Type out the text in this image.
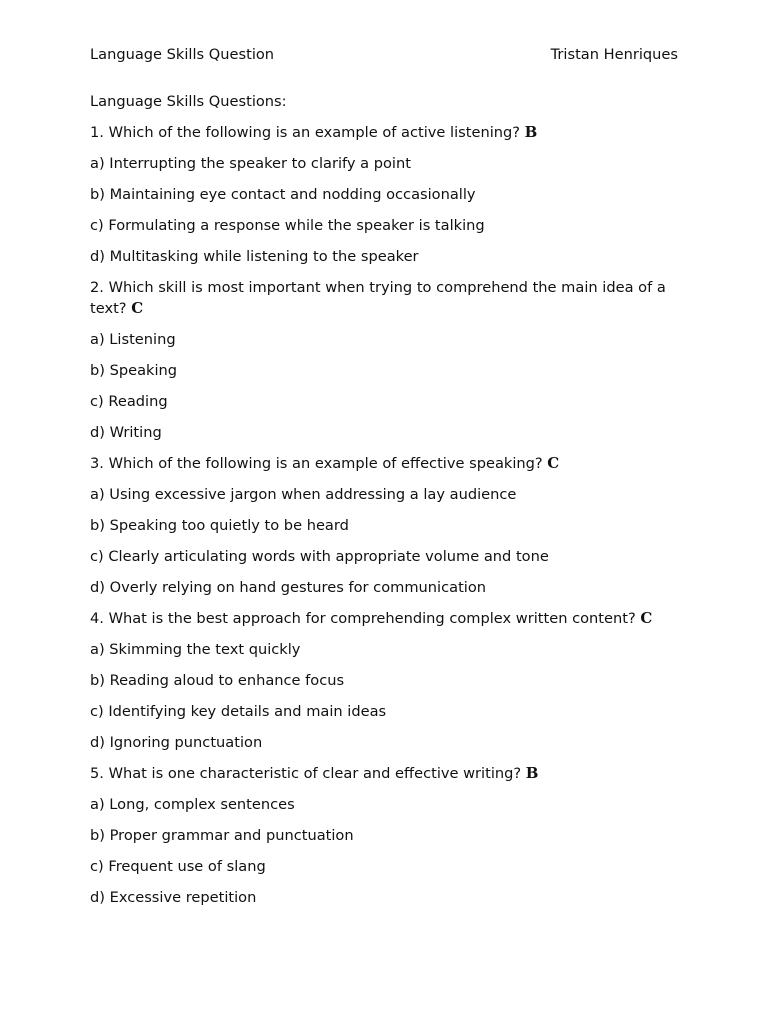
Language Skills Question	Tristan Henriques
Language Skills Questions:
1. Which of the following is an example of active listening? B
a) Interrupting the speaker to clarify a point
b) Maintaining eye contact and nodding occasionally
c) Formulating a response while the speaker is talking
d) Multitasking while listening to the speaker
2. Which skill is most important when trying to comprehend the main idea of a text? C
a) Listening
b) Speaking
c) Reading
d) Writing
3. Which of the following is an example of effective speaking? C
a) Using excessive jargon when addressing a lay audience
b) Speaking too quietly to be heard
c) Clearly articulating words with appropriate volume and tone
d) Overly relying on hand gestures for communication
4. What is the best approach for comprehending complex written content? C
a) Skimming the text quickly
b) Reading aloud to enhance focus
c) Identifying key details and main ideas
d) Ignoring punctuation
5. What is one characteristic of clear and effective writing? B
a) Long, complex sentences
b) Proper grammar and punctuation
c) Frequent use of slang
d) Excessive repetition
